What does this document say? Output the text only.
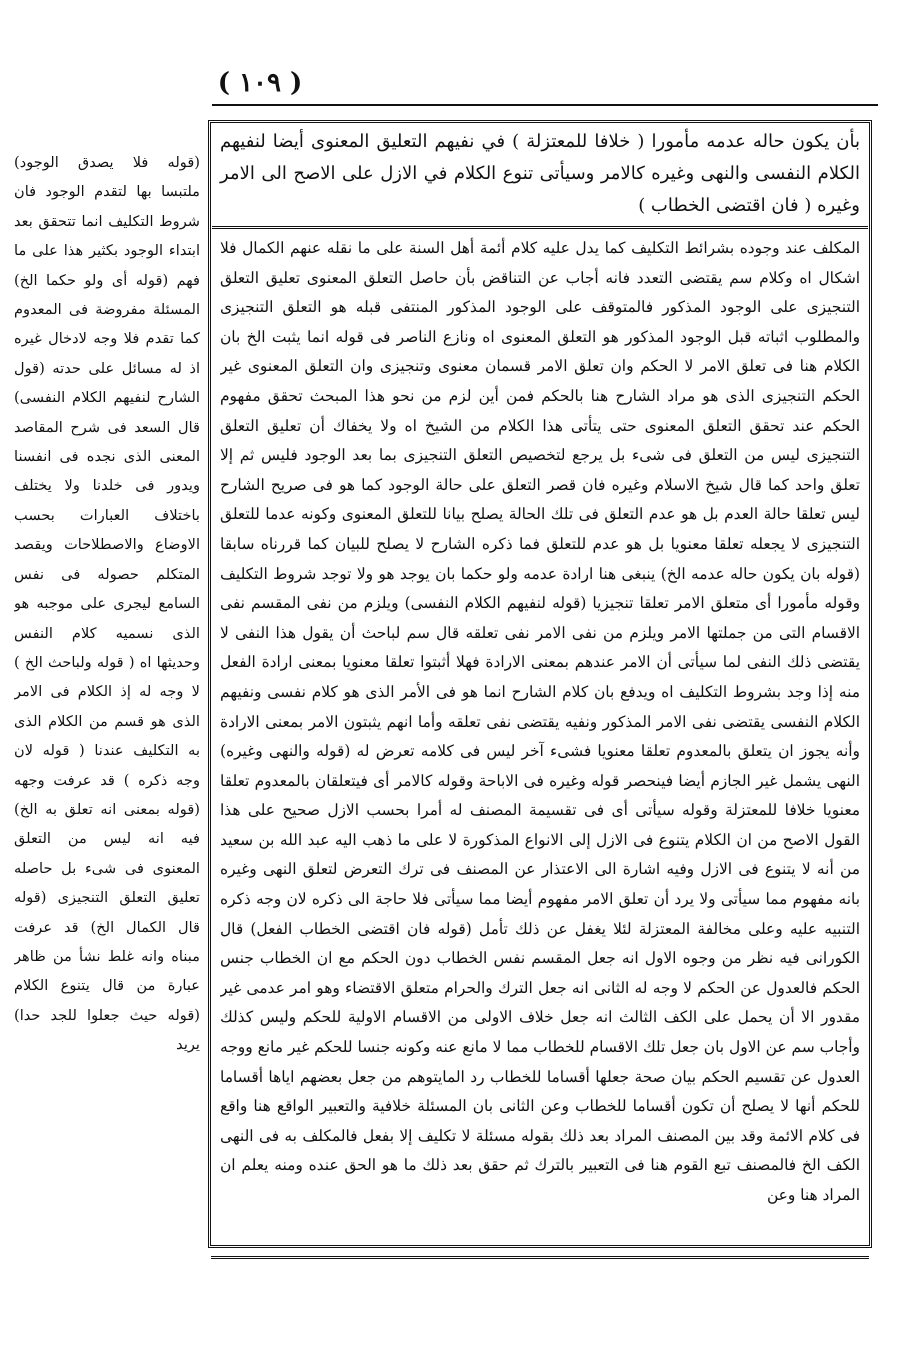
( ١٠٩ )

بأن يكون حاله عدمه مأمورا ( خلافا للمعتزلة ) في نفيهم التعليق المعنوى أيضا لنفيهم الكلام النفسى والنهى وغيره كالامر وسيأتى تنوع الكلام في الازل على الاصح الى الامر وغيره ( فان اقتضى الخطاب )

المكلف عند وجوده بشرائط التكليف كما يدل عليه كلام أئمة أهل السنة على ما نقله عنهم الكمال فلا اشكال اه وكلام سم يقتضى التعدد فانه أجاب عن التناقض بأن حاصل التعلق المعنوى تعليق التعلق التنجيزى على الوجود المذكور فالمتوقف على الوجود المذكور المنتفى قبله هو التعلق التنجيزى والمطلوب اثباته قبل الوجود المذكور هو التعلق المعنوى اه ونازع الناصر فى قوله انما يثبت الخ بان الكلام هنا فى تعلق الامر لا الحكم وان تعلق الامر قسمان معنوى وتنجيزى وان التعلق المعنوى غير الحكم التنجيزى الذى هو مراد الشارح هنا بالحكم فمن أين لزم من نحو هذا المبحث تحقق مفهوم الحكم عند تحقق التعلق المعنوى حتى يتأتى هذا الكلام من الشيخ اه ولا يخفاك أن تعليق التعلق التنجيزى ليس من التعلق فى شىء بل يرجع لتخصيص التعلق التنجيزى بما بعد الوجود فليس ثم إلا تعلق واحد كما قال شيخ الاسلام وغيره فان قصر التعلق على حالة الوجود كما هو فى صريح الشارح ليس تعلقا حالة العدم بل هو عدم التعلق فى تلك الحالة يصلح بيانا للتعلق المعنوى وكونه عدما للتعلق التنجيزى لا يجعله تعلقا معنويا بل هو عدم للتعلق فما ذكره الشارح لا يصلح للبيان كما قررناه سابقا (قوله بان يكون حاله عدمه الخ) ينبغى هنا ارادة عدمه ولو حكما بان يوجد هو ولا توجد شروط التكليف وقوله مأمورا أى متعلق الامر تعلقا تنجيزيا (قوله لنفيهم الكلام النفسى) ويلزم من نفى المقسم نفى الاقسام التى من جملتها الامر ويلزم من نفى الامر نفى تعلقه قال سم لباحث أن يقول هذا النفى لا يقتضى ذلك النفى لما سيأتى أن الامر عندهم بمعنى الارادة فهلا أثبتوا تعلقا معنويا بمعنى ارادة الفعل منه إذا وجد بشروط التكليف اه ويدفع بان كلام الشارح انما هو فى الأمر الذى هو كلام نفسى ونفيهم الكلام النفسى يقتضى نفى الامر المذكور ونفيه يقتضى نفى تعلقه وأما انهم يثبتون الامر بمعنى الارادة وأنه يجوز ان يتعلق بالمعدوم تعلقا معنويا فشىء آخر ليس فى كلامه تعرض له (قوله والنهى وغيره) النهى يشمل غير الجازم أيضا فينحصر قوله وغيره فى الاباحة وقوله كالامر أى فيتعلقان بالمعدوم تعلقا معنويا خلافا للمعتزلة وقوله سيأتى أى فى تقسيمة المصنف له أمرا بحسب الازل صحيح على هذا القول الاصح من ان الكلام يتنوع فى الازل إلى الانواع المذكورة لا على ما ذهب اليه عبد الله بن سعيد من أنه لا يتنوع فى الازل وفيه اشارة الى الاعتذار عن المصنف فى ترك التعرض لتعلق النهى وغيره بانه مفهوم مما سيأتى ولا يرد أن تعلق الامر مفهوم أيضا مما سيأتى فلا حاجة الى ذكره لان وجه ذكره التنبيه عليه وعلى مخالفة المعتزلة لئلا يغفل عن ذلك تأمل (قوله فان اقتضى الخطاب الفعل) قال الكورانى فيه نظر من وجوه الاول انه جعل المقسم نفس الخطاب دون الحكم مع ان الخطاب جنس الحكم فالعدول عن الحكم لا وجه له الثانى انه جعل الترك والحرام متعلق الاقتضاء وهو امر عدمى غير مقدور الا أن يحمل على الكف الثالث انه جعل خلاف الاولى من الاقسام الاولية للحكم وليس كذلك وأجاب سم عن الاول بان جعل تلك الاقسام للخطاب مما لا مانع عنه وكونه جنسا للحكم غير مانع ووجه العدول عن تقسيم الحكم بيان صحة جعلها أقساما للخطاب رد المايتوهم من جعل بعضهم اياها أقساما للحكم أنها لا يصلح أن تكون أقساما للخطاب وعن الثانى بان المسئلة خلافية والتعبير الواقع هنا واقع فى كلام الائمة وقد بين المصنف المراد بعد ذلك بقوله مسئلة لا تكليف إلا بفعل فالمكلف به فى النهى الكف الخ فالمصنف تبع القوم هنا فى التعبير بالترك ثم حقق بعد ذلك ما هو الحق عنده ومنه يعلم ان المراد هنا وعن

(قوله فلا يصدق الوجود) ملتبسا بها لتقدم الوجود فان شروط التكليف انما تتحقق بعد ابتداء الوجود بكثير هذا على ما فهم (قوله أى ولو حكما الخ) المسئلة مفروضة فى المعدوم كما تقدم فلا وجه لادخال غيره اذ له مسائل على حدته (قول الشارح لنفيهم الكلام النفسى) قال السعد فى شرح المقاصد المعنى الذى نجده فى انفسنا ويدور فى خلدنا ولا يختلف باختلاف العبارات بحسب الاوضاع والاصطلاحات ويقصد المتكلم حصوله فى نفس السامع ليجرى على موجبه هو الذى نسميه كلام النفس وحديثها اه ( قوله ولباحث الخ ) لا وجه له إذ الكلام فى الامر الذى هو قسم من الكلام الذى به التكليف عندنا ( قوله لان وجه ذكره ) قد عرفت وجهه (قوله بمعنى انه تعلق به الخ) فيه انه ليس من التعلق المعنوى فى شىء بل حاصله تعليق التعلق التنجيزى (قوله قال الكمال الخ) قد عرفت مبناه وانه غلط نشأ من ظاهر عبارة من قال يتنوع الكلام (قوله حيث جعلوا للجد حدا) يريد
